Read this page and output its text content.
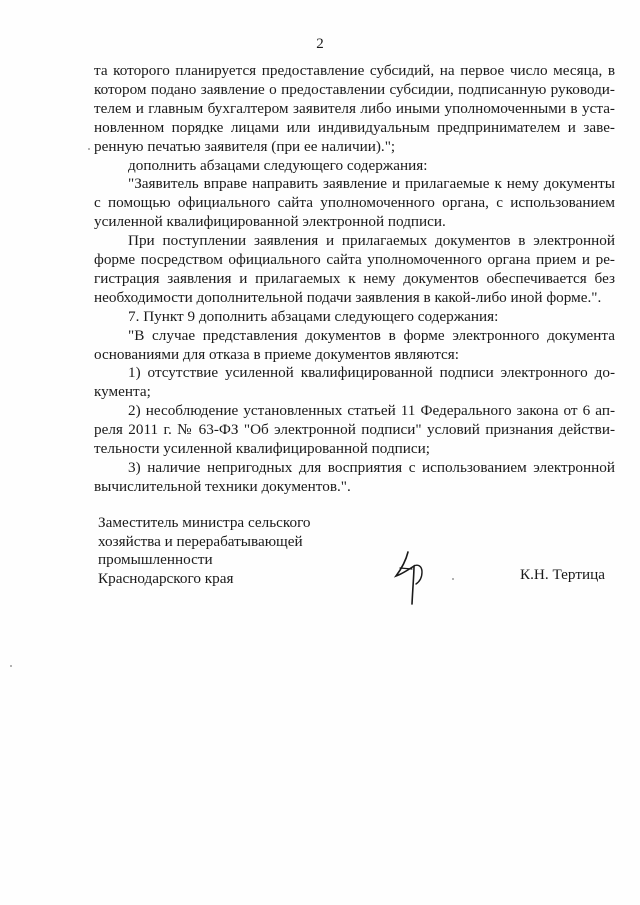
2
та которого планируется предоставление субсидий, на первое число месяца, в
котором подано заявление о предоставлении субсидии, подписанную руководи-
телем и главным бухгалтером заявителя либо иными уполномоченными в уста-
новленном порядке лицами или индивидуальным предпринимателем и заве-
ренную печатью заявителя (при ее наличии).";
дополнить абзацами следующего содержания:
"Заявитель вправе направить заявление и прилагаемые к нему документы
с помощью официального сайта уполномоченного органа, с использованием
усиленной квалифицированной электронной подписи.
При поступлении заявления и прилагаемых документов в электронной
форме посредством официального сайта уполномоченного органа прием и ре-
гистрация заявления и прилагаемых к нему документов обеспечивается без
необходимости дополнительной подачи заявления в какой-либо иной форме.".
7. Пункт 9 дополнить абзацами следующего содержания:
"В случае представления документов в форме электронного документа
основаниями для отказа в приеме документов являются:
1) отсутствие усиленной квалифицированной подписи электронного до-
кумента;
2) несоблюдение установленных статьей 11 Федерального закона от 6 ап-
реля 2011 г. № 63-ФЗ "Об электронной подписи" условий признания действи-
тельности усиленной квалифицированной подписи;
3) наличие непригодных для восприятия с использованием электронной
вычислительной техники документов.".
Заместитель министра сельского
хозяйства и перерабатывающей
промышленности
Краснодарского края	К.Н. Тертица
